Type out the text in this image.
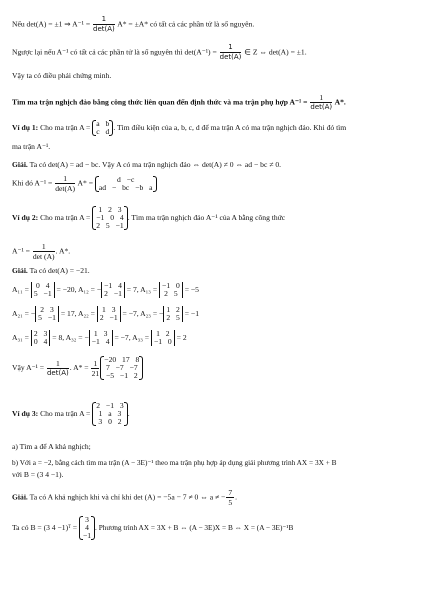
Nếu det(A) = ±1 ⇒ $A^{-1} = \frac{1}{\det(A)} A* = \pm A*$ có tất cả các phần tử là số nguyên.
Ngược lại nếu A⁻¹ có tất cả các phần tử là số nguyên thì $\det(A^{-1}) = \frac{1}{\det(A)}$ ∈ Z ⇔ det(A) = ±1.
Vậy ta có điều phải chứng minh.
Tìm ma trận nghịch đảo bằng công thức liên quan đến định thức và ma trận phụ hợp $A^{-1} = \frac{1}{\det(A)} A*$.
Ví dụ 1: Cho ma trận A = a b
c d . Tìm điều kiện của a, b, c, d để ma trận A có ma trận nghịch đảo. Khi đó tìm
ma trận A⁻¹.
Giải. Ta có det(A) = ad − bc. Vậy A có ma trận nghịch đảo ⇔ det(A) ≠ 0 ⇔ ad − bc ≠ 0.
Khi đó $A^{-1} = \frac{1}{\det(A)} A*$ =	d −c
ad − bc −b a
Ví dụ 2: Cho ma trận A =
1 2 3
−1 0 4
2 5 −1
. Tìm ma trận nghịch đảo A⁻¹ của A bằng công thức
$A^{-1} = \frac{1}{\det (A)}$ . A*.
Giải. Ta có det(A) = −21.
A₁₁ = 0 4
5 −1 = −20, A₁₂ = − −1 4
2 −1 = 7, A₁₃ = −1 0
2 5 = −5
A₂₁ = − 2 3
5 −1 = 17, A₂₂ = 1 3
2 −1 = −7, A₂₃ = − 1 2
2 5 = −1
A₃₁ = 2 3
0 4 = 8, A₃₂ = − 1 3
−1 4 = −7, A₃₃ = 1 2
−1 0 = 2
Vậy $A^{-1} = \frac{1}{\det(A)}$ . $A* = \frac{1}{21} -20$ 17 8
7 −7 −7
−5 −1 2
Ví dụ 3: Cho ma trận A =
2 −1 3
1 a 3
3 0 2
.
a) Tìm a để A khả nghịch;
b) Với a = −2, bằng cách tìm ma trận (A − 3E)⁻¹ theo ma trận phụ hợp áp dụng giải phương trình AX = 3X + B
với B = (3 4 −1).
Giải. Ta có A khả nghịch khi và chỉ khi det (A) = −5a − 7 ≠ 0 ⇔ a ≠ − $\frac{7}{5}$ .
Ta có B = (3 4 −1)ᵀ =
3
4
−1
. Phương trình AX = 3X + B ⇔ (A − 3E)X = B ⇔ X = (A − 3E)⁻¹B
